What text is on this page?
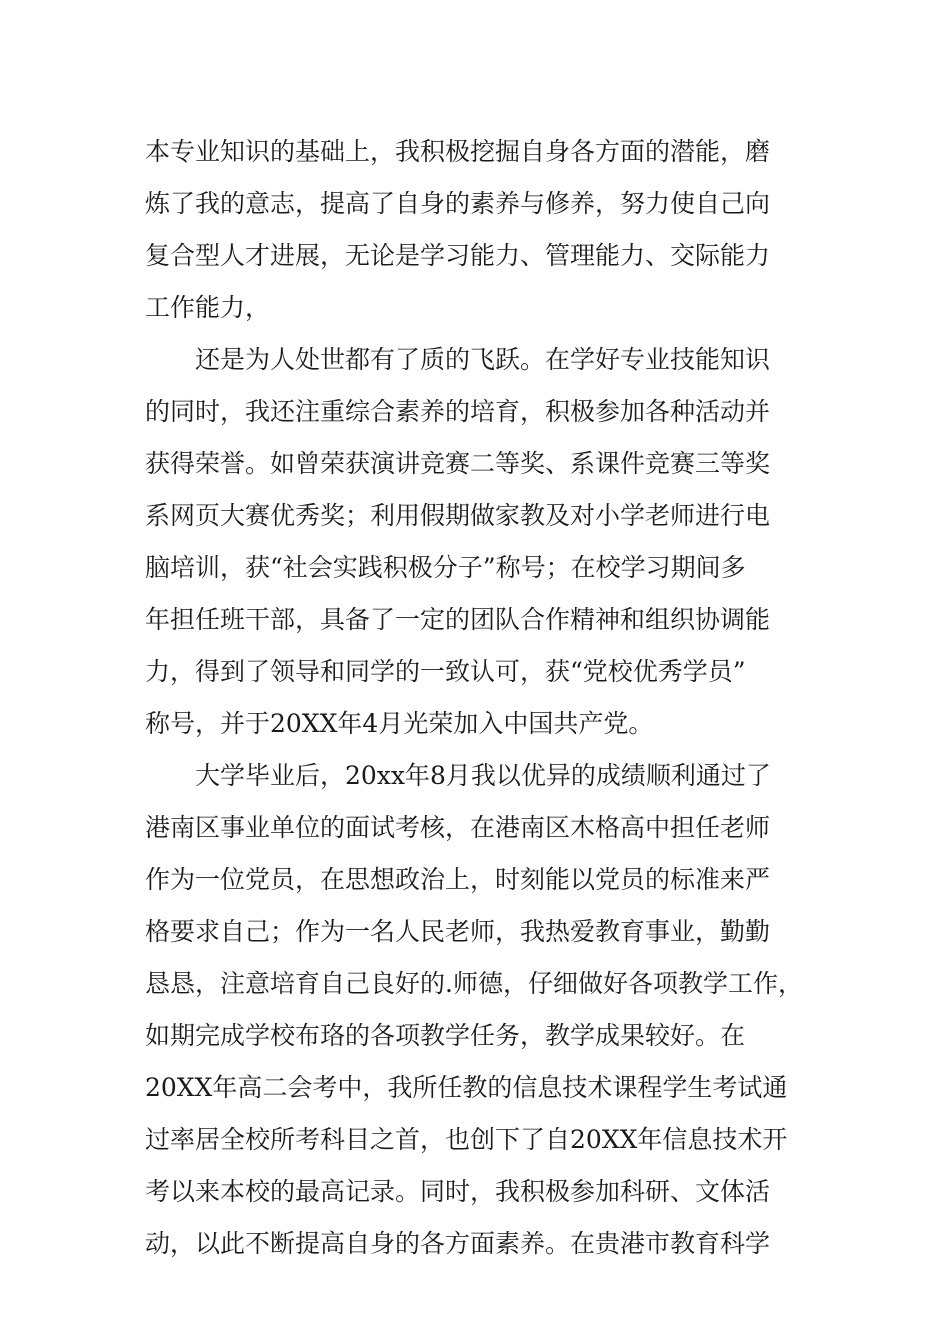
本专业知识的基础上，我积极挖掘自身各方面的潜能，磨
炼了我的意志，提高了自身的素养与修养，努力使自己向
复合型人才进展，无论是学习能力、管理能力、交际能力
工作能力，
还是为人处世都有了质的飞跃。在学好专业技能知识
的同时，我还注重综合素养的培育，积极参加各种活动并
获得荣誉。如曾荣获演讲竞赛二等奖、系课件竞赛三等奖
系网页大赛优秀奖；利用假期做家教及对小学老师进行电
脑培训，获“社会实践积极分子”称号；在校学习期间多
年担任班干部，具备了一定的团队合作精神和组织协调能
力，得到了领导和同学的一致认可，获“党校优秀学员”
称号，并于20XX年4月光荣加入中国共产党。
大学毕业后，20xx年8月我以优异的成绩顺利通过了
港南区事业单位的面试考核，在港南区木格高中担任老师
作为一位党员，在思想政治上，时刻能以党员的标准来严
格要求自己；作为一名人民老师，我热爱教育事业，勤勤
恳恳，注意培育自己良好的.师德，仔细做好各项教学工作，
如期完成学校布珞的各项教学任务，教学成果较好。在
20XX年高二会考中，我所任教的信息技术课程学生考试通
过率居全校所考科目之首，也创下了自20XX年信息技术开
考以来本校的最高记录。同时，我积极参加科研、文体活
动，以此不断提高自身的各方面素养。在贵港市教育科学
